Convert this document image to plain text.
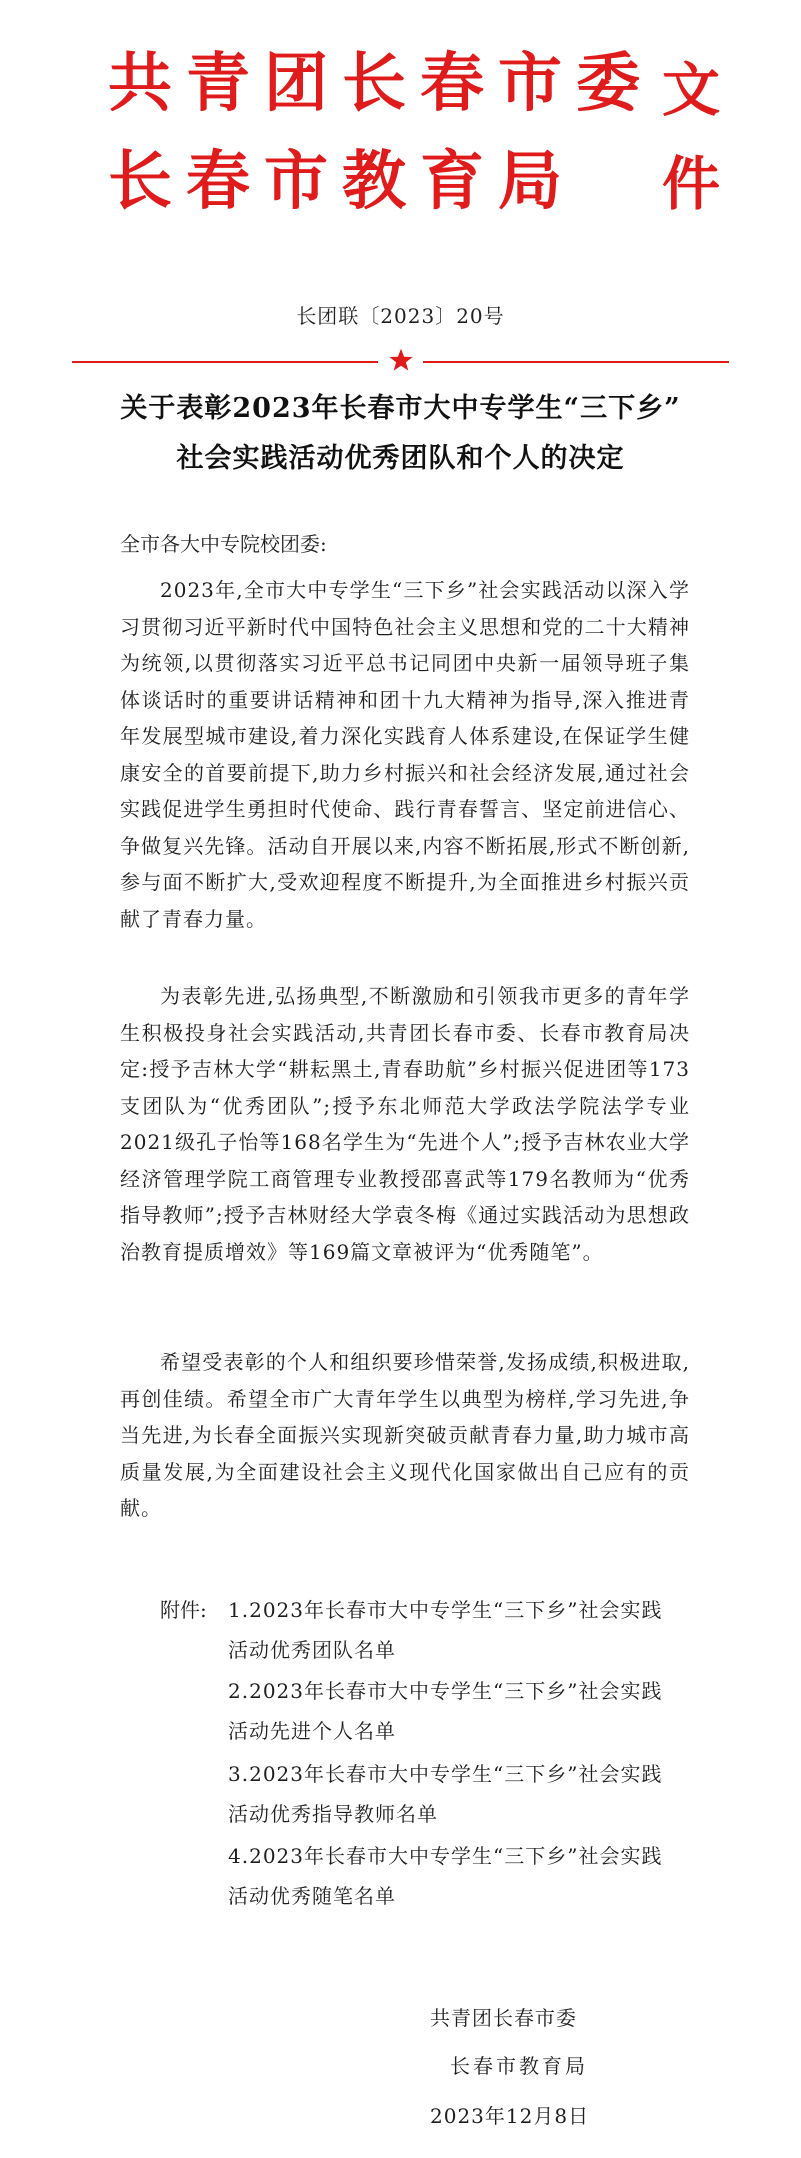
共青团长春市委
长春市教育局
文
件
长团联〔2023〕20号
关于表彰2023年长春市大中专学生“三下乡”
社会实践活动优秀团队和个人的决定
全市各大中专院校团委:

2023年,全市大中专学生“三下乡”社会实践活动以深入学习贯彻习近平新时代中国特色社会主义思想和党的二十大精神为统领,以贯彻落实习近平总书记同团中央新一届领导班子集体谈话时的重要讲话精神和团十九大精神为指导,深入推进青年发展型城市建设,着力深化实践育人体系建设,在保证学生健康安全的首要前提下,助力乡村振兴和社会经济发展,通过社会实践促进学生勇担时代使命、践行青春誓言、坚定前进信心、争做复兴先锋。活动自开展以来,内容不断拓展,形式不断创新,参与面不断扩大,受欢迎程度不断提升,为全面推进乡村振兴贡献了青春力量。

为表彰先进,弘扬典型,不断激励和引领我市更多的青年学生积极投身社会实践活动,共青团长春市委、长春市教育局决定:授予吉林大学“耕耘黑土,青春助航”乡村振兴促进团等173支团队为“优秀团队”;授予东北师范大学政法学院法学专业2021级孔子怡等168名学生为“先进个人”;授予吉林农业大学经济管理学院工商管理专业教授邵喜武等179名教师为“优秀指导教师”;授予吉林财经大学袁冬梅《通过实践活动为思想政治教育提质增效》等169篇文章被评为“优秀随笔”。

希望受表彰的个人和组织要珍惜荣誉,发扬成绩,积极进取,再创佳绩。希望全市广大青年学生以典型为榜样,学习先进,争当先进,为长春全面振兴实现新突破贡献青春力量,助力城市高质量发展,为全面建设社会主义现代化国家做出自己应有的贡献。

附件: 1.2023年长春市大中专学生“三下乡”社会实践
活动优秀团队名单
2.2023年长春市大中专学生“三下乡”社会实践
活动先进个人名单
3.2023年长春市大中专学生“三下乡”社会实践
活动优秀指导教师名单
4.2023年长春市大中专学生“三下乡”社会实践
活动优秀随笔名单
共青团长春市委
长春市教育局
2023年12月8日
